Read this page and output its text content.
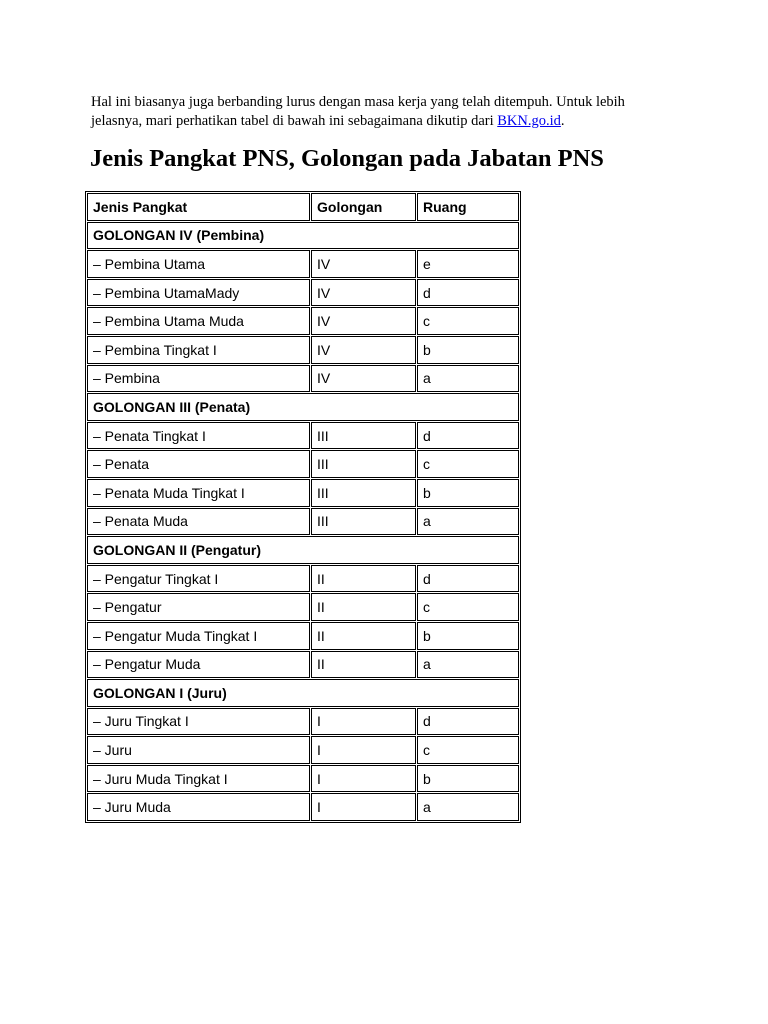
Hal ini biasanya juga berbanding lurus dengan masa kerja yang telah ditempuh. Untuk lebih jelasnya, mari perhatikan tabel di bawah ini sebagaimana dikutip dari BKN.go.id.

Jenis Pangkat PNS, Golongan pada Jabatan PNS
Jenis Pangkat	Golongan	Ruang
GOLONGAN IV (Pembina)		
– Pembina Utama	IV	e
– Pembina UtamaMady	IV	d
– Pembina Utama Muda	IV	c
– Pembina Tingkat I	IV	b
– Pembina	IV	a
GOLONGAN III (Penata)		
– Penata Tingkat I	III	d
– Penata	III	c
– Penata Muda Tingkat I	III	b
– Penata Muda	III	a
GOLONGAN II (Pengatur)		
– Pengatur Tingkat I	II	d
– Pengatur	II	c
– Pengatur Muda Tingkat I	II	b
– Pengatur Muda	II	a
GOLONGAN I (Juru)		
– Juru Tingkat I	I	d
– Juru	I	c
– Juru Muda Tingkat I	I	b
– Juru Muda	I	a
